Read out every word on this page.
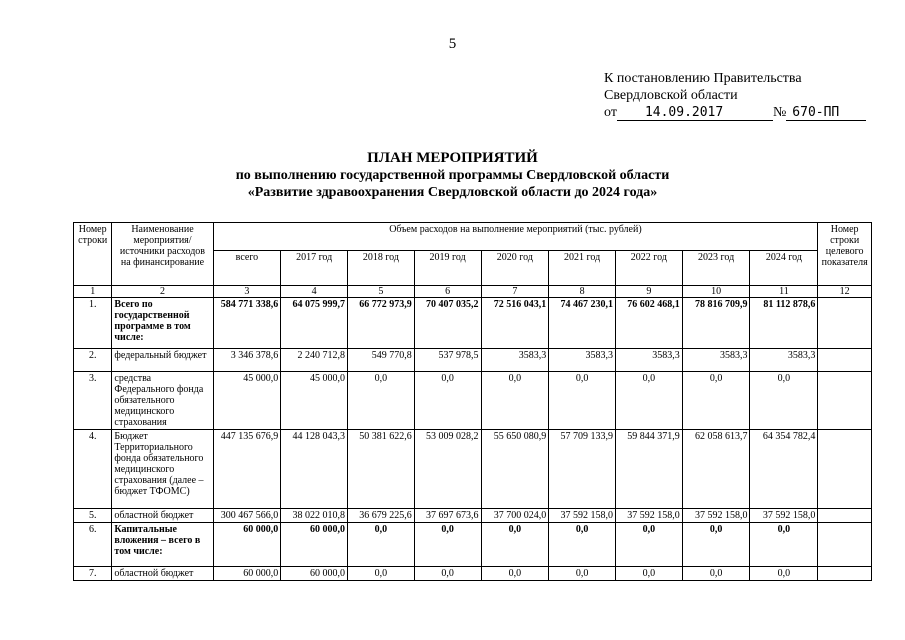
5
К постановлению Правительства
Свердловской области
от 14.09.2017	№ 670-ПП
ПЛАН МЕРОПРИЯТИЙ
по выполнению государственной программы Свердловской области
«Развитие здравоохранения Свердловской области до 2024 года»
Номер строки	Наименование мероприятия/ источники расходов на финансирование	Объем расходов на выполнение мероприятий (тыс. рублей)									Номер строки целевого показателя
		всего	2017 год	2018 год	2019 год	2020 год	2021 год	2022 год	2023 год	2024 год	
1	2	3	4	5	6	7	8	9	10	11	12
1.	Всего по государственной программе в том числе:	584 771 338,6	64 075 999,7	66 772 973,9	70 407 035,2	72 516 043,1	74 467 230,1	76 602 468,1	78 816 709,9	81 112 878,6	
2.	федеральный бюджет	3 346 378,6	2 240 712,8	549 770,8	537 978,5	3583,3	3583,3	3583,3	3583,3	3583,3	
3.	средства Федерального фонда обязательного медицинского страхования	45 000,0	45 000,0	0,0	0,0	0,0	0,0	0,0	0,0	0,0	
4.	Бюджет Территориального фонда обязательного медицинского страхования (далее – бюджет ТФОМС)	447 135 676,9	44 128 043,3	50 381 622,6	53 009 028,2	55 650 080,9	57 709 133,9	59 844 371,9	62 058 613,7	64 354 782,4	
5.	областной бюджет	300 467 566,0	38 022 010,8	36 679 225,6	37 697 673,6	37 700 024,0	37 592 158,0	37 592 158,0	37 592 158,0	37 592 158,0	
6.	Капитальные вложения – всего в том числе:	60 000,0	60 000,0	0,0	0,0	0,0	0,0	0,0	0,0	0,0	
7.	областной бюджет	60 000,0	60 000,0	0,0	0,0	0,0	0,0	0,0	0,0	0,0	
